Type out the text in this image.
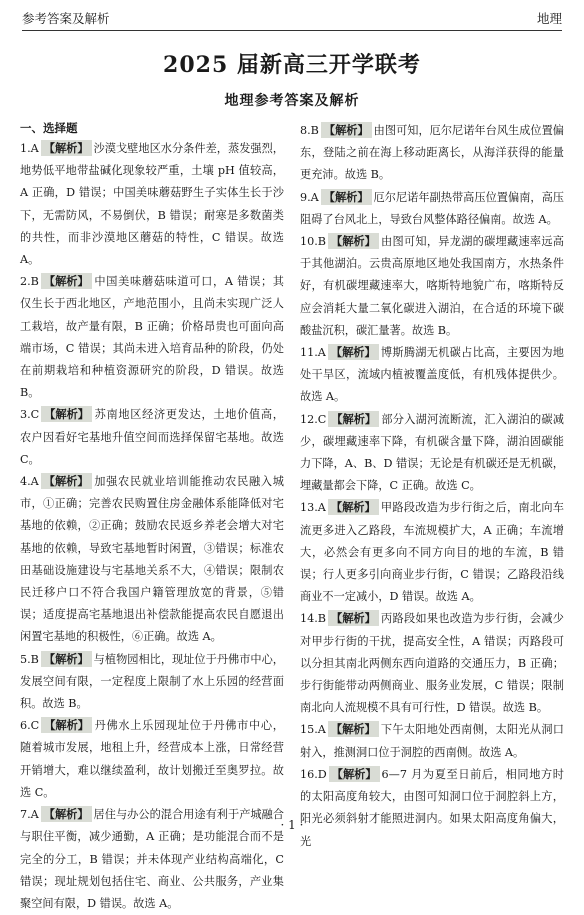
参考答案及解析	地理
2025 届新高三开学联考
地理参考答案及解析
一、选择题

1.A 【解析】 沙漠戈壁地区水分条件差，蒸发强烈，地势低平地带盐碱化现象较严重，土壤 pH 值较高，A 正确，D 错误；中国美味蘑菇野生子实体生长于沙下，无需防风，不易倒伏，B 错误；耐寒是多数菌类的共性，而非沙漠地区蘑菇的特性，C 错误。故选 A。

2.B 【解析】 中国美味蘑菇味道可口，A 错误；其仅生长于西北地区，产地范围小，且尚未实现广泛人工栽培，故产量有限，B 正确；价格昂贵也可面向高端市场，C 错误；其尚未进入培育品种的阶段，仍处在前期栽培和种植资源研究的阶段，D 错误。故选 B。

3.C 【解析】 苏南地区经济更发达，土地价值高，农户因看好宅基地升值空间而选择保留宅基地。故选 C。

4.A 【解析】 加强农民就业培训能推动农民融入城市，①正确；完善农民购置住房金融体系能降低对宅基地的依赖，②正确；鼓励农民返乡养老会增大对宅基地的依赖，导致宅基地暂时闲置，③错误；标准农田基础设施建设与宅基地关系不大，④错误；限制农民迁移户口不符合我国户籍管理放宽的背景，⑤错误；适度提高宅基地退出补偿款能提高农民自愿退出闲置宅基地的积极性，⑥正确。故选 A。

5.B 【解析】 与植物园相比，现址位于丹佛市中心，发展空间有限，一定程度上限制了水上乐园的经营面积。故选 B。

6.C 【解析】 丹佛水上乐园现址位于丹佛市中心，随着城市发展，地租上升，经营成本上涨，日常经营开销增大，难以继续盈利，故计划搬迁至奥罗拉。故选 C。

7.A 【解析】 居住与办公的混合用途有利于产城融合与职住平衡，减少通勤，A 正确；是功能混合而不是完全的分工，B 错误；并未体现产业结构高端化，C 错误；现址规划包括住宅、商业、公共服务，产业集聚空间有限，D 错误。故选 A。

8.B 【解析】 由图可知，厄尔尼诺年台风生成位置偏东，登陆之前在海上移动距离长，从海洋获得的能量更充沛。故选 B。

9.A 【解析】 厄尔尼诺年副热带高压位置偏南，高压阻碍了台风北上，导致台风整体路径偏南。故选 A。

10.B 【解析】 由图可知，异龙湖的碳埋藏速率远高于其他湖泊。云贵高原地区地处我国南方，水热条件好，有机碳埋藏速率大，喀斯特地貌广布，喀斯特反应会消耗大量二氧化碳进入湖泊，在合适的环境下碳酸盐沉积，碳汇量著。故选 B。

11.A 【解析】 博斯腾湖无机碳占比高，主要因为地处干旱区，流域内植被覆盖度低，有机残体提供少。故选 A。

12.C 【解析】 部分入湖河流断流，汇入湖泊的碳减少，碳埋藏速率下降，有机碳含量下降，湖泊固碳能力下降，A、B、D 错误；无论是有机碳还是无机碳，埋藏量都会下降，C 正确。故选 C。

13.A 【解析】 甲路段改造为步行街之后，南北向车流更多进入乙路段，车流规模扩大，A 正确；车流增大，必然会有更多向不同方向目的地的车流，B 错误；行人更多引向商业步行街，C 错误；乙路段沿线商业不一定减小，D 错误。故选 A。

14.B 【解析】 丙路段如果也改造为步行街，会减少对甲步行街的干扰，提高安全性，A 错误；丙路段可以分担其南北两侧东西向道路的交通压力，B 正确；步行街能带动两侧商业、服务业发展，C 错误；限制南北向人流规模不具有可行性，D 错误。故选 B。

15.A 【解析】 下午太阳地处西南侧，太阳光从洞口射入，推测洞口位于洞腔的西南侧。故选 A。

16.D 【解析】 6—7 月为夏至日前后，相同地方时的太阳高度角较大，由图可知洞口位于洞腔斜上方，阳光必须斜射才能照进洞内。如果太阳高度角偏大，光

· 1 ·
